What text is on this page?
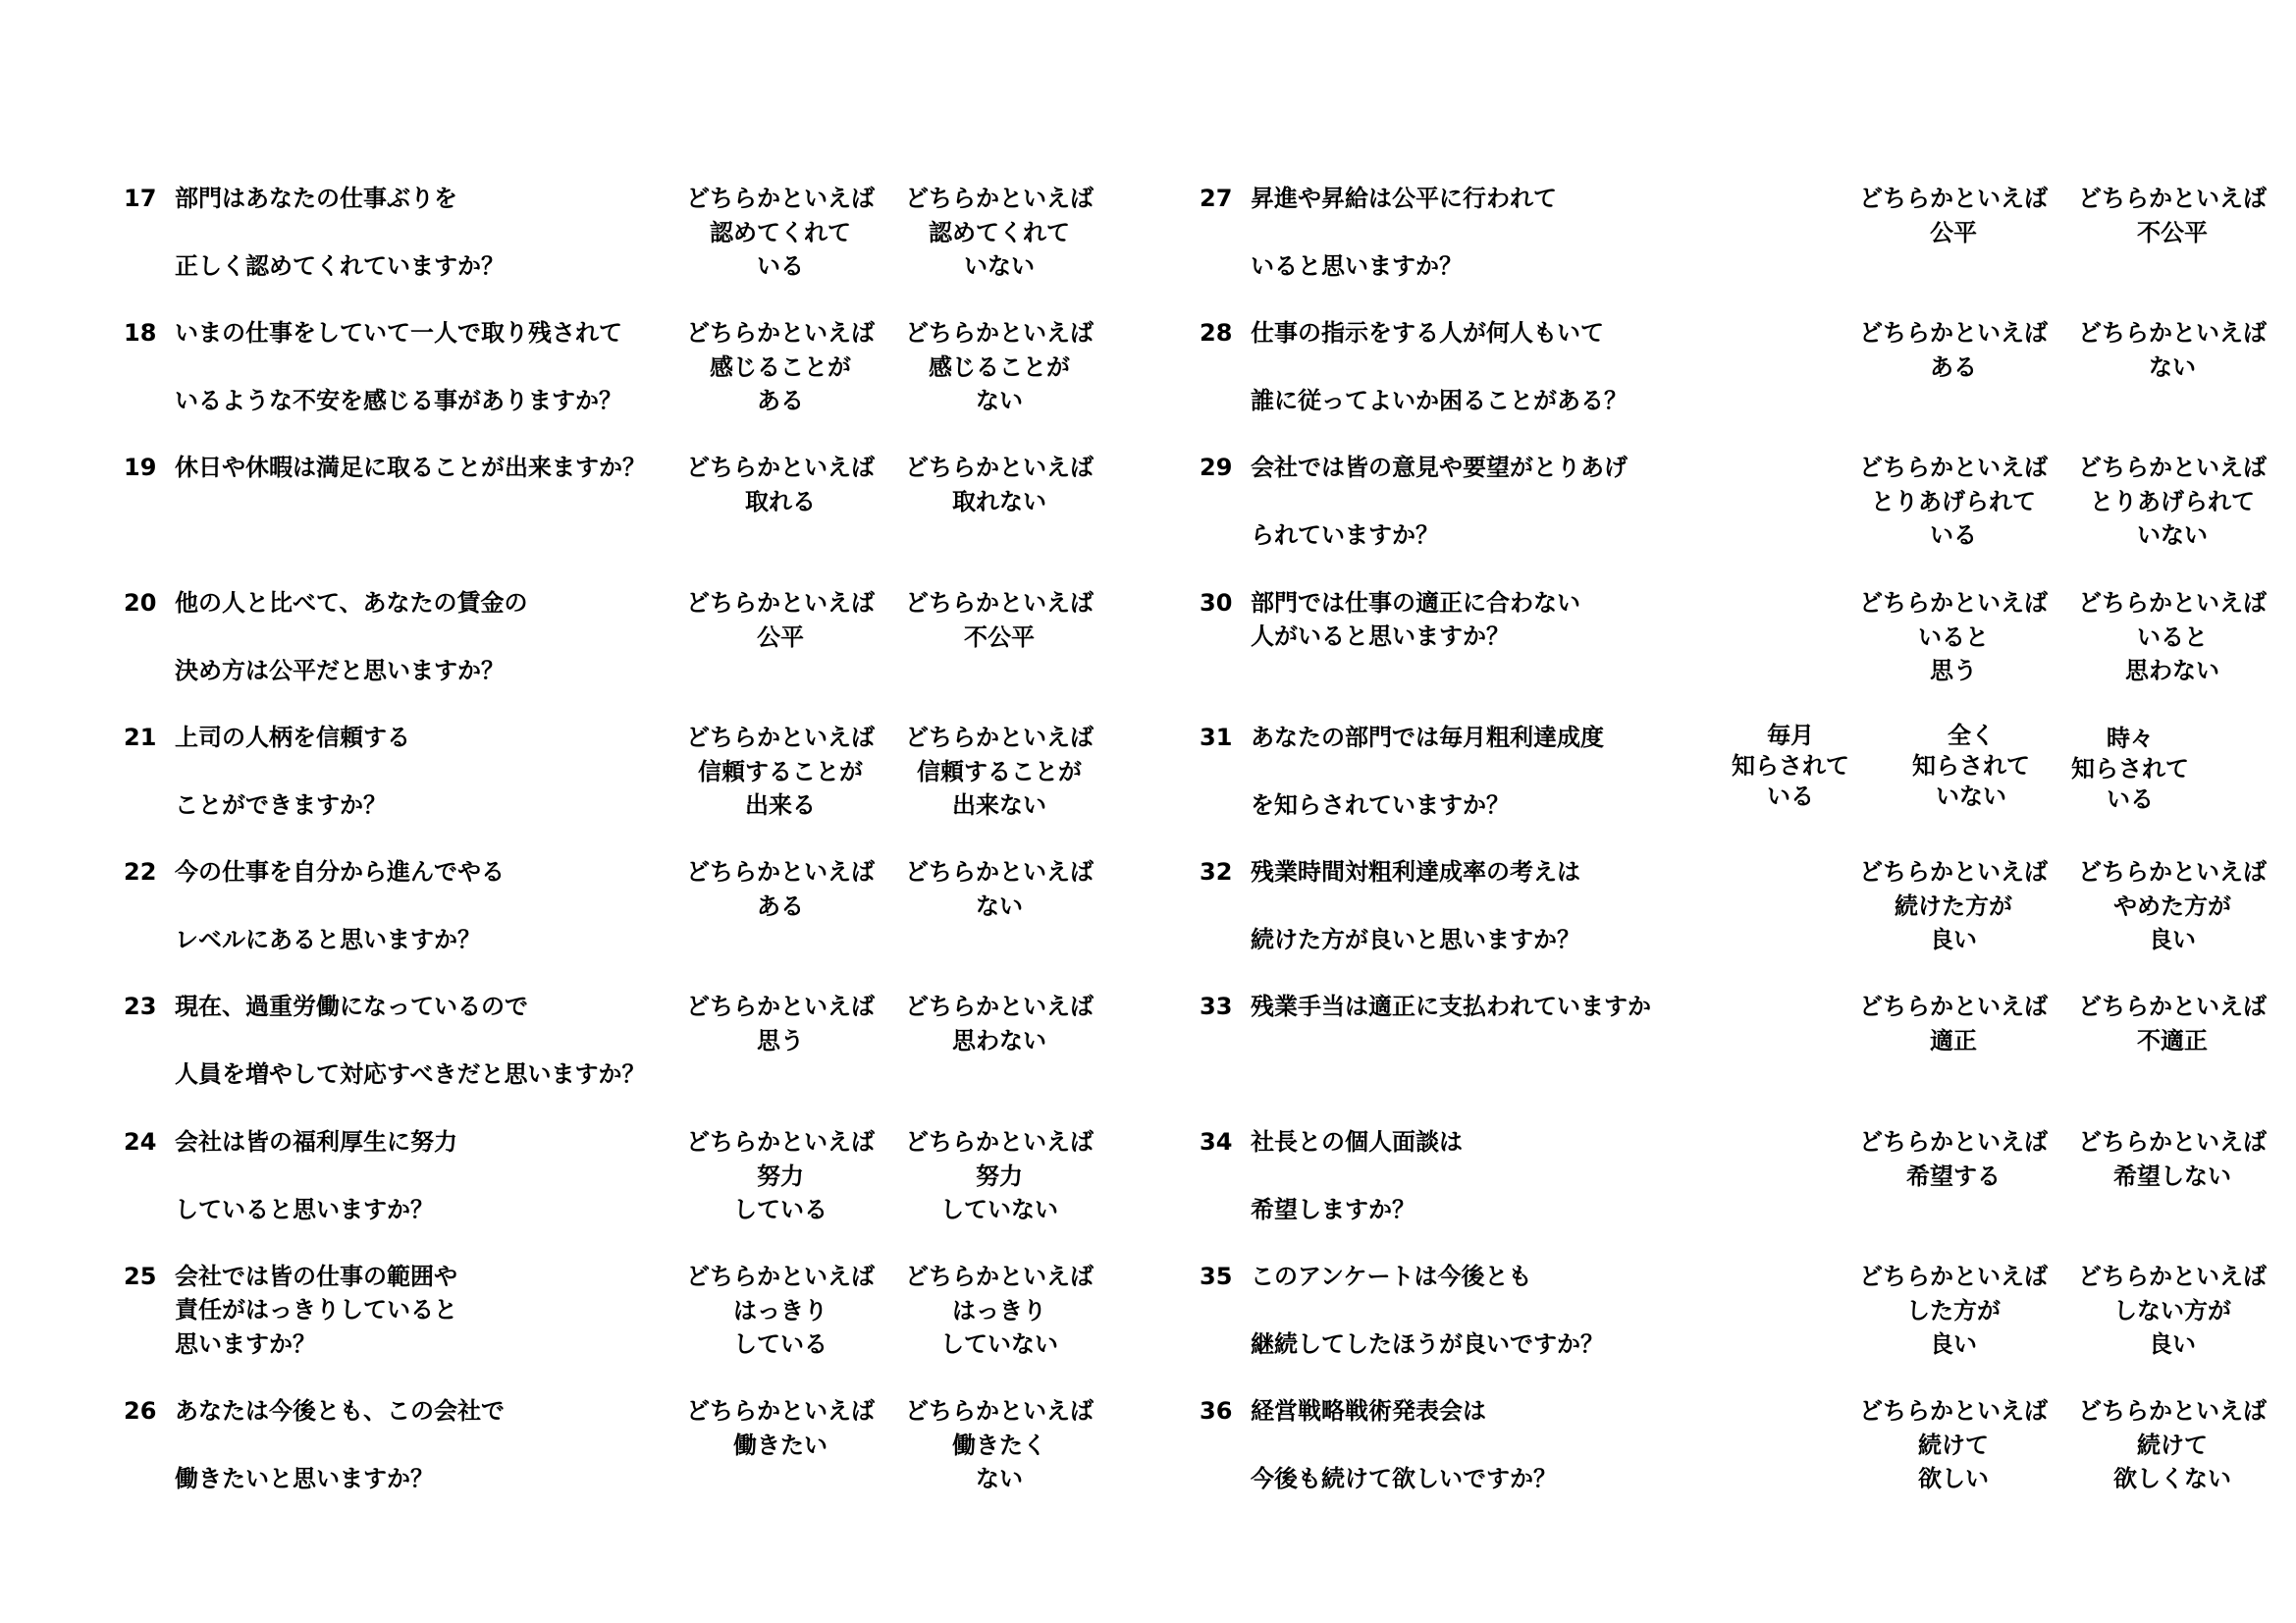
17 部門はあなたの仕事ぶりを
正しく認めてくれていますか？
どちらかといえば
認めてくれて
いる
どちらかといえば
認めてくれて
いない
18 いまの仕事をしていて一人で取り残されて
いるような不安を感じる事がありますか？
どちらかといえば
感じることが
ある
どちらかといえば
感じることが
ない
19 休日や休暇は満足に取ることが出来ますか？	どちらかといえば
取れる

どちらかといえば
取れない

20 他の人と比べて、あなたの賃金の
決め方は公平だと思いますか？
どちらかといえば
公平

どちらかといえば
不公平

21 上司の人柄を信頼する
ことができますか？
どちらかといえば
信頼することが
出来る
どちらかといえば
信頼することが
出来ない
22 今の仕事を自分から進んでやる
レベルにあると思いますか？
どちらかといえば
ある

どちらかといえば
ない

23 現在、過重労働になっているので
人員を増やして対応すべきだと思いますか？
どちらかといえば
思う

どちらかといえば
思わない

24 会社は皆の福利厚生に努力
していると思いますか？
どちらかといえば
努力
している
どちらかといえば
努力
していない
25 会社では皆の仕事の範囲や
責任がはっきりしていると
思いますか？
どちらかといえば
はっきり
している
どちらかといえば
はっきり
していない
26 あなたは今後とも、この会社で
働きたいと思いますか？
どちらかといえば
働きたい

どちらかといえば
働きたく
ない
27 昇進や昇給は公平に行われて
いると思いますか？
どちらかといえば
公平

どちらかといえば
不公平

28 仕事の指示をする人が何人もいて
誰に従ってよいか困ることがある？
どちらかといえば
ある

どちらかといえば
ない

29 会社では皆の意見や要望がとりあげ
られていますか？
どちらかといえば
とりあげられて
いる
どちらかといえば
とりあげられて
いない
30 部門では仕事の適正に合わない
人がいると思いますか？
どちらかといえば
いると
思う
どちらかといえば
いると
思わない
31 あなたの部門では毎月粗利達成度
を知らされていますか？
毎月
知らされて
いる
全く
知らされて
いない
時々
知らされて
いる
32 残業時間対粗利達成率の考えは
続けた方が良いと思いますか？
どちらかといえば
続けた方が
良い
どちらかといえば
やめた方が
良い
33 残業手当は適正に支払われていますか	どちらかといえば
適正

どちらかといえば
不適正

34 社長との個人面談は
希望しますか？
どちらかといえば
希望する

どちらかといえば
希望しない

35 このアンケートは今後とも
継続してしたほうが良いですか？
どちらかといえば
した方が
良い
どちらかといえば
しない方が
良い
36 経営戦略戦術発表会は
今後も続けて欲しいですか？
どちらかといえば
続けて
欲しい
どちらかといえば
続けて
欲しくない
